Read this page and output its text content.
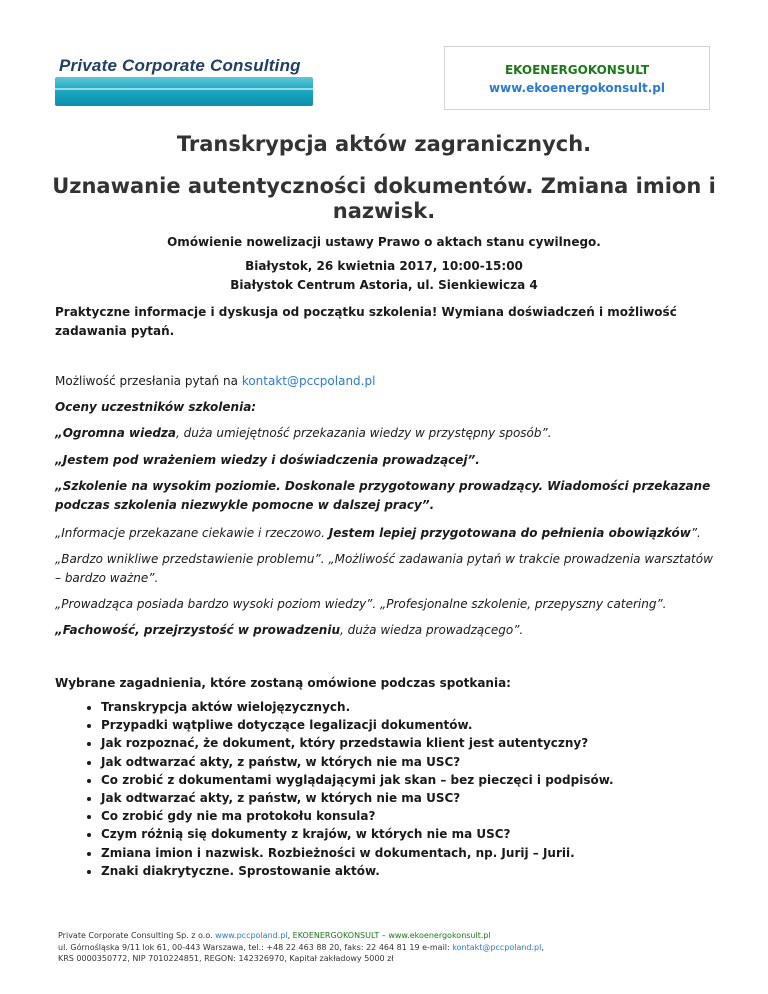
Private Corporate Consulting	EKOENERGOKONSULT
www.ekoenergokonsult.pl
Transkrypcja aktów zagranicznych.
Uznawanie autentyczności dokumentów. Zmiana imion i nazwisk.
Omówienie nowelizacji ustawy Prawo o aktach stanu cywilnego.
Białystok, 26 kwietnia 2017, 10:00-15:00
Białystok Centrum Astoria, ul. Sienkiewicza 4

Praktyczne informacje i dyskusja od początku szkolenia! Wymiana doświadczeń i możliwość zadawania pytań.

Możliwość przesłania pytań na kontakt@pccpoland.pl

Oceny uczestników szkolenia:

„Ogromna wiedza, duża umiejętność przekazania wiedzy w przystępny sposób”.

„Jestem pod wrażeniem wiedzy i doświadczenia prowadzącej”.

„Szkolenie na wysokim poziomie. Doskonale przygotowany prowadzący. Wiadomości przekazane podczas szkolenia niezwykle pomocne w dalszej pracy”.

„Informacje przekazane ciekawie i rzeczowo. Jestem lepiej przygotowana do pełnienia obowiązków”.

„Bardzo wnikliwe przedstawienie problemu”. „Możliwość zadawania pytań w trakcie prowadzenia warsztatów – bardzo ważne”.

„Prowadząca posiada bardzo wysoki poziom wiedzy”. „Profesjonalne szkolenie, przepyszny catering”.

„Fachowość, przejrzystość w prowadzeniu, duża wiedza prowadzącego”.

Wybrane zagadnienia, które zostaną omówione podczas spotkania:

• Transkrypcja aktów wielojęzycznych.
• Przypadki wątpliwe dotyczące legalizacji dokumentów.
• Jak rozpoznać, że dokument, który przedstawia klient jest autentyczny?
• Jak odtwarzać akty, z państw, w których nie ma USC?
• Co zrobić z dokumentami wyglądającymi jak skan – bez pieczęci i podpisów.
• Jak odtwarzać akty, z państw, w których nie ma USC?
• Co zrobić gdy nie ma protokołu konsula?
• Czym różnią się dokumenty z krajów, w których nie ma USC?
• Zmiana imion i nazwisk. Rozbieżności w dokumentach, np. Jurij – Jurii.
• Znaki diakrytyczne. Sprostowanie aktów.
Private Corporate Consulting Sp. z o.o. www.pccpoland.pl, EKOENERGOKONSULT – www.ekoenergokonsult.pl
ul. Górnośląska 9/11 lok 61, 00-443 Warszawa, tel.: +48 22 463 88 20, faks: 22 464 81 19 e-mail: kontakt@pccpoland.pl,
KRS 0000350772, NIP 7010224851, REGON: 142326970, Kapitał zakładowy 5000 zł
